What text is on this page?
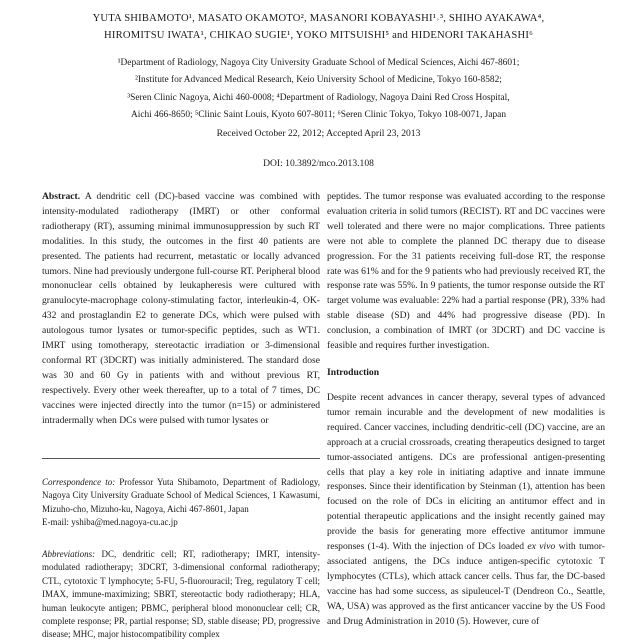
YUTA SHIBAMOTO¹, MASATO OKAMOTO², MASANORI KOBAYASHI¹˒³, SHIHO AYAKAWA⁴,
HIROMITSU IWATA¹, CHIKAO SUGIE¹, YOKO MITSUISHI⁵ and HIDENORI TAKAHASHI⁶
¹Department of Radiology, Nagoya City University Graduate School of Medical Sciences, Aichi 467-8601;
²Institute for Advanced Medical Research, Keio University School of Medicine, Tokyo 160-8582;
³Seren Clinic Nagoya, Aichi 460-0008; ⁴Department of Radiology, Nagoya Daini Red Cross Hospital,
Aichi 466-8650; ⁵Clinic Saint Louis, Kyoto 607-8011; ⁶Seren Clinic Tokyo, Tokyo 108-0071, Japan
Received October 22, 2012; Accepted April 23, 2013
DOI: 10.3892/mco.2013.108

Abstract. A dendritic cell (DC)-based vaccine was combined with intensity-modulated radiotherapy (IMRT) or other conformal radiotherapy (RT), assuming minimal immunosuppression by such RT modalities. In this study, the outcomes in the first 40 patients are presented. The patients had recurrent, metastatic or locally advanced tumors. Nine had previously undergone full-course RT. Peripheral blood mononuclear cells obtained by leukapheresis were cultured with granulocyte-macrophage colony-stimulating factor, interleukin-4, OK-432 and prostaglandin E2 to generate DCs, which were pulsed with autologous tumor lysates or tumor-specific peptides, such as WT1. IMRT using tomotherapy, stereotactic irradiation or 3-dimensional conformal RT (3DCRT) was initially administered. The standard dose was 30 and 60 Gy in patients with and without previous RT, respectively. Every other week thereafter, up to a total of 7 times, DC vaccines were injected directly into the tumor (n=15) or administered intradermally when DCs were pulsed with tumor lysates or

Correspondence to: Professor Yuta Shibamoto, Department of Radiology, Nagoya City University Graduate School of Medical Sciences, 1 Kawasumi, Mizuho-cho, Mizuho-ku, Nagoya, Aichi 467-8601, Japan
E-mail: yshiba@med.nagoya-cu.ac.jp
Abbreviations: DC, dendritic cell; RT, radiotherapy; IMRT, intensity-modulated radiotherapy; 3DCRT, 3-dimensional conformal radiotherapy; CTL, cytotoxic T lymphocyte; 5-FU, 5-fluorouracil; Treg, regulatory T cell; IMAX, immune-maximizing; SBRT, stereotactic body radiotherapy; HLA, human leukocyte antigen; PBMC, peripheral blood mononuclear cell; CR, complete response; PR, partial response; SD, stable disease; PD, progressive disease; MHC, major histocompatibility complex

peptides. The tumor response was evaluated according to the response evaluation criteria in solid tumors (RECIST). RT and DC vaccines were well tolerated and there were no major complications. Three patients were not able to complete the planned DC therapy due to disease progression. For the 31 patients receiving full-dose RT, the response rate was 61% and for the 9 patients who had previously received RT, the response rate was 55%. In 9 patients, the tumor response outside the RT target volume was evaluable: 22% had a partial response (PR), 33% had stable disease (SD) and 44% had progressive disease (PD). In conclusion, a combination of IMRT (or 3DCRT) and DC vaccine is feasible and requires further investigation.

Introduction

Despite recent advances in cancer therapy, several types of advanced tumor remain incurable and the development of new modalities is required. Cancer vaccines, including dendritic-cell (DC) vaccine, are an approach at a crucial crossroads, creating therapeutics designed to target tumor-associated antigens. DCs are professional antigen-presenting cells that play a key role in initiating adaptive and innate immune responses. Since their identification by Steinman (1), attention has been focused on the role of DCs in eliciting an antitumor effect and in potential therapeutic applications and the insight recently gained may provide the basis for generating more effective antitumor immune responses (1-4). With the injection of DCs loaded ex vivo with tumor-associated antigens, the DCs induce antigen-specific cytotoxic T lymphocytes (CTLs), which attack cancer cells. Thus far, the DC-based vaccine has had some success, as sipuleucel-T (Dendreon Co., Seattle, WA, USA) was approved as the first anticancer vaccine by the US Food and Drug Administration in 2010 (5). However, cure of
